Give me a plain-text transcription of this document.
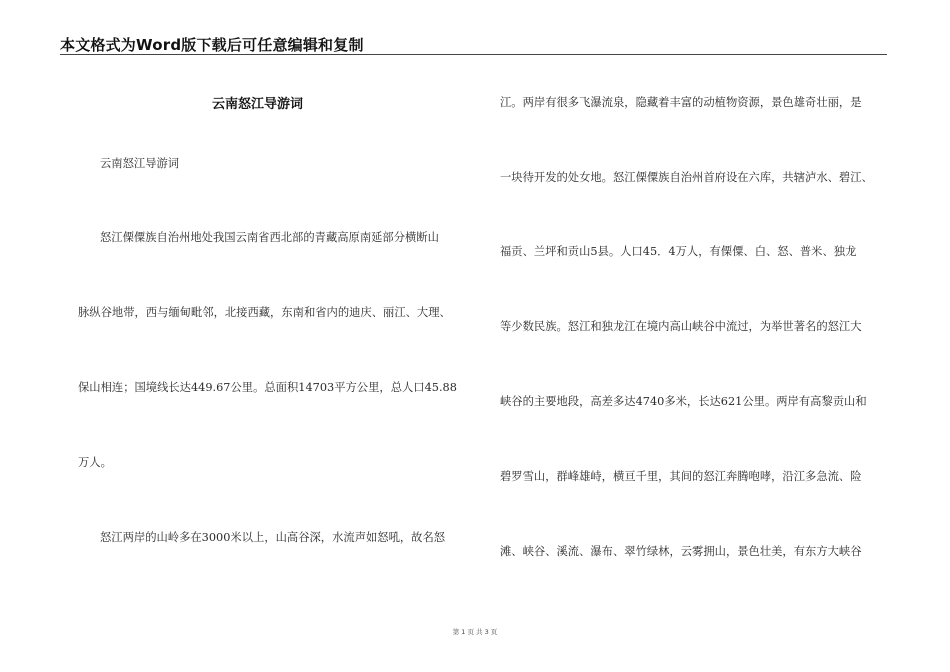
本文格式为Word版下载后可任意编辑和复制
云南怒江导游词
云南怒江导游词
怒江傈僳族自治州地处我国云南省西北部的青藏高原南延部分横断山
脉纵谷地带，西与缅甸毗邻，北接西藏，东南和省内的迪庆、丽江、大理、
保山相连；国境线长达449.67公里。总面积14703平方公里，总人口45.88
万人。
怒江两岸的山岭多在3000米以上，山高谷深，水流声如怒吼，故名怒
江。两岸有很多飞瀑流泉，隐藏着丰富的动植物资源，景色雄奇壮丽，是
一块待开发的处女地。怒江傈僳族自治州首府设在六库，共辖泸水、碧江、
福贡、兰坪和贡山5县。人口45．4万人，有傈僳、白、怒、普米、独龙
等少数民族。怒江和独龙江在境内高山峡谷中流过，为举世著名的怒江大
峡谷的主要地段，高差多达4740多米，长达621公里。两岸有高黎贡山和
碧罗雪山，群峰雄峙，横亘千里，其间的怒江奔腾咆哮，沿江多急流、险
滩、峡谷、溪流、瀑布、翠竹绿林，云雾拥山，景色壮美，有东方大峡谷
第 1 页 共 3 页
